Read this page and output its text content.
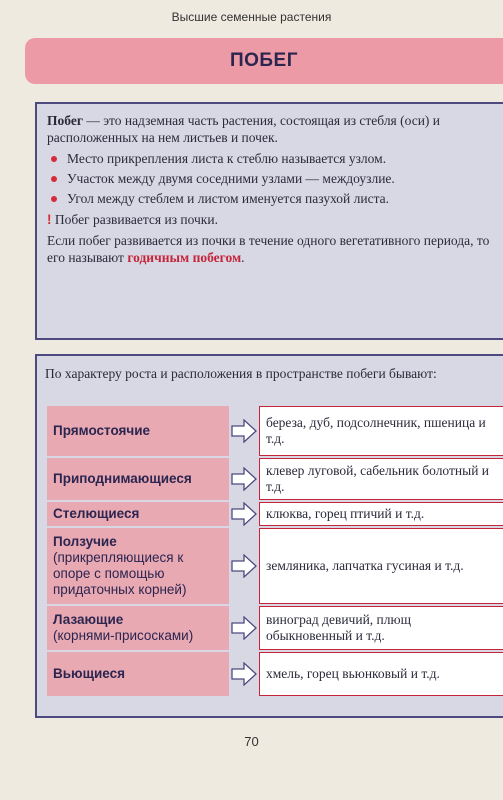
Высшие семенные растения
ПОБЕГ

Побег — это надземная часть растения, состоящая из стебля (оси) и расположенных на нем листьев и почек.

Место прикрепления листа к стеблю называется узлом.
Участок между двумя соседними узлами — междоузлие.
Угол между стеблем и листом именуется пазухой листа.

! Побег развивается из почки.

Если побег развивается из почки в течение одного вегетативного периода, то его называют годичным побегом.

По характеру роста и расположения в пространстве побеги бывают:

Прямостоячие
береза, дуб, подсолнечник, пшеница и т.д.
Приподнимающиеся
клевер луговой, сабельник болотный и т.д.
Стелющиеся	клюква, горец птичий и т.д.
Ползучие
(прикрепляющиеся к опоре с помощью придаточных корней)
земляника, лапчатка гусиная и т.д.
Лазающие
(корнями-присосками)
виноград девичий, плющ обыкновенный и т.д.
Вьющиеся	хмель, горец вьюнковый и т.д.
70
